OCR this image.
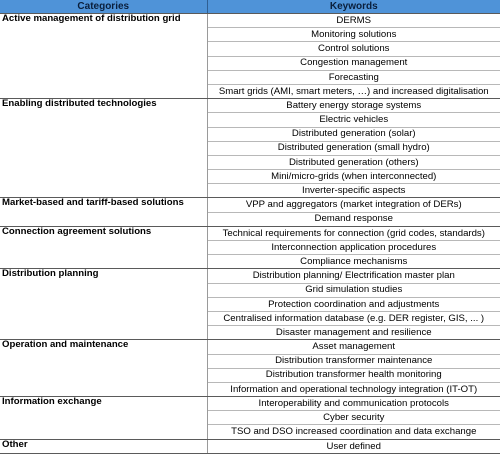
Categories	Keywords
Active management of distribution grid	DERMS
	Monitoring solutions
	Control solutions
	Congestion management
	Forecasting
	Smart grids (AMI, smart meters, …) and increased digitalisation
Enabling distributed technologies	Battery energy storage systems
	Electric vehicles
	Distributed generation (solar)
	Distributed generation (small hydro)
	Distributed generation (others)
	Mini/micro-grids (when interconnected)
	Inverter-specific aspects
Market-based and tariff-based solutions	VPP and aggregators (market integration of DERs)
	Demand response
Connection agreement solutions	Technical requirements for connection (grid codes, standards)
	Interconnection application procedures
	Compliance mechanisms
Distribution planning	Distribution planning/ Electrification master plan
	Grid simulation studies
	Protection coordination and adjustments
	Centralised information database (e.g. DER register, GIS, ... )
	Disaster management and resilience
Operation and maintenance	Asset management
	Distribution transformer maintenance
	Distribution transformer health monitoring
	Information and operational technology integration (IT-OT)
Information exchange	Interoperability and communication protocols
	Cyber security
	TSO and DSO increased coordination and data exchange
Other	User defined
